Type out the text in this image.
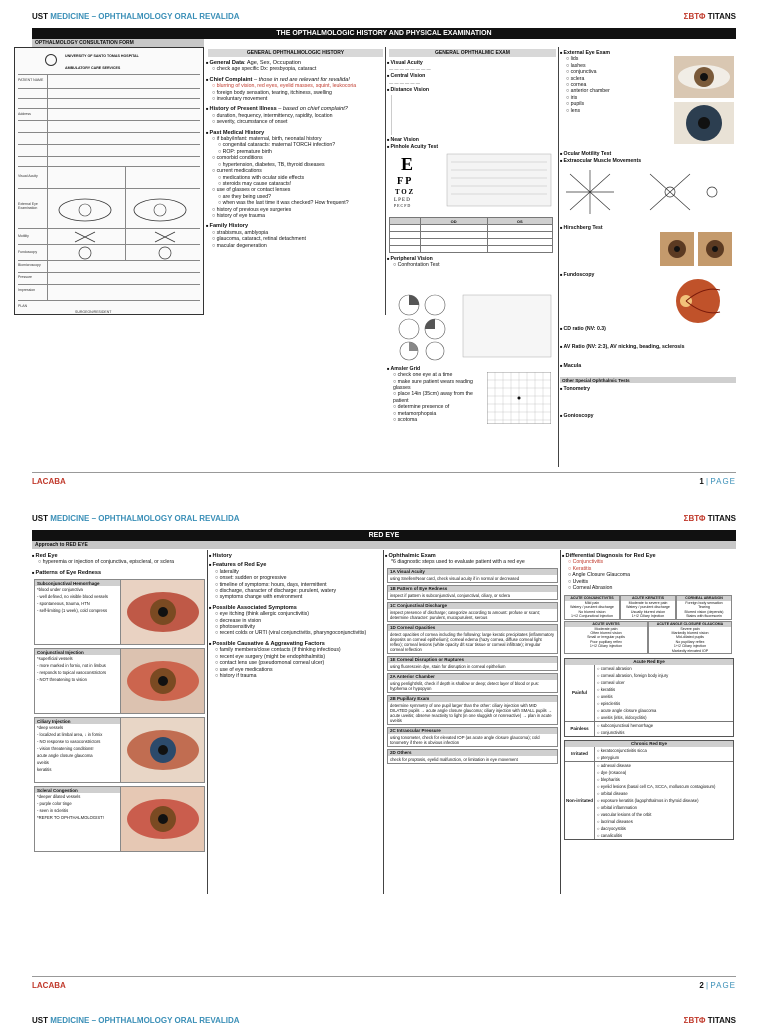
UST MEDICINE – OPHTHALMOLOGY ORAL REVALIDA	ΣΒΤΦ TITANS
THE OPTHALMOLOGIC HISTORY AND PHYSICAL EXAMINATION
OPTHALMOLOGY CONSULTATION FORM
UNIVERSITY OF SANTO TOMAS HOSPITAL
AMBULATORY CARE SERVICES
PATIENT NAME
Address
Visual Acuity
External Eye Examination
Motility
Funduscopy
Biomicroscopy
Pressure
Impression
PLAN
SURGEON/RESIDENT
GENERAL OPHTHALMOLOGIC HISTORY
■ General Data: Age, Sex, Occupation
○ check age specific Dx: presbyopia, cataract
■ Chief Complaint – those in red are relevant for revalida!
○ blurring of vision, red eyes, eyelid masses, squint, leukocoria
○ foreign body sensation, tearing, itchiness, swelling
○ involuntary movement
■ History of Present Illness – based on chief complaint?
○ duration, frequency, intermittency, rapidity, location
○ severity, circumstance of onset
■ Past Medical History
○ if baby/infant: maternal, birth, neonatal history
○ congenital cataracts: maternal TORCH infection?
○ ROP: premature birth
○ comorbid conditions
○ hypertension, diabetes, TB, thyroid diseases
○ current medications
○ medications with ocular side effects
○ steroids may cause cataracts!
○ use of glasses or contact lenses
○ are they being used?
○ when was the last time it was checked? How frequent?
○ history of previous eye surgeries
○ history of eye trauma
■ Family History
○ strabismus, amblyopia
○ glaucoma, cataract, retinal detachment
○ macular degeneration
GENERAL OPHTHALMIC EXAM
■ Visual Acuity
— — — — — — — —
■ Central Vision
— — — — — —
■ Distance Vision
■ Near Vision
■ Pinhole Acuity Test
E
F P
T O Z
L P E D
P E C F D
	OD	OS

■ Peripheral Vision
○ Confrontation Test
■ Amsler Grid
○ check one eye at a time
○ make sure patient wears reading glasses
○ place 14in (35cm) away from the patient
○ determine presence of
○ metamorphopsia
○ scotoma
■ External Eye Exam
○ lids
○ lashes
○ conjunctiva
○ sclera
○ cornea
○ anterior chamber
○ iris
○ pupils
○ lens
■ Ocular Motility Test
■ Extraocular Muscle Movements
■ Hirschberg Test
■ Fundoscopy
■ CD ratio (NV: 0.3)
■ AV Ratio (NV: 2:3), AV nicking, beading, sclerosis
■ Macula
Other Special Ophthalmic Tests
■ Tonometry
■ Gonioscopy
LACABA	1 | PAGE
UST MEDICINE – OPHTHALMOLOGY ORAL REVALIDA	ΣΒΤΦ TITANS
RED EYE
Approach to RED EYE
■ Red Eye
○ hyperemia or injection of conjunctiva, episcleral, or sclera
■ Patterns of Eye Redness
Subconjunctival Hemorrhage
*blood under conjunctiva
- well defined, no visible blood vessels
- spontaneous, trauma, HTN
- self-limiting (1 week), cold compress
Conjunctival Injection
*superficial vessels
- more marked in fornix, not in limbus
- responds to topical vasoconstrictors
- NOT threatening to vision
Ciliary Injection
*deep vessels
- localized at limbal area, ↓ in fornix
- NO response to vasoconstrictors
- vision threatening conditions!
acute angle closure glaucoma
uveitis
keratitis
Scleral Congestion
*deeper dilated vessels
- purple color tinge
- seen in scleritis
*REFER TO OPHTHALMOLOGIST!
■ History
■ Features of Red Eye
○ laterality
○ onset: sudden or progressive
○ timeline of symptoms: hours, days, intermittent
○ discharge, character of discharge: purulent, watery
○ symptoms change with environment
■ Possible Associated Symptoms
○ eye itching (think allergic conjunctivitis)
○ decrease in vision
○ photosensitivity
○ recent colds or URTI (viral conjunctivitis, pharyngoconjunctivitis)
■ Possible Causative & Aggravating Factors
○ family members/close contacts (if thinking infectious)
○ recent eye surgery (might be endophthalmitis)
○ contact lens use (pseudomonal corneal ulcer)
○ use of eye medications
○ history if trauma
■ Ophthalmic Exam
*6 diagnostic steps used to evaluate patient with a red eye
1A Visual Acuity
using Snellen/Near card, check visual acuity if in normal or decreased
1B Pattern of Eye Redness
inspect if pattern is subconjunctival, conjunctival, ciliary, or sclera
1C Conjunctival Discharge
inspect presence of discharge; categorize according to amount: profuse or scant; determine character: purulent, mucopurulent, serous
1D Corneal Opacities
detect opacities of cornea including the following: large keratic precipitates (inflammatory deposits on corneal epithelium); corneal edema (hazy cornea, diffuse corneal light reflex); corneal lesions (white opacity d/t scar tissue or corneal infiltrate); irregular corneal reflection
1E Corneal Disruption or Ruptures
using fluorescein dye, stain for disruption in corneal epithelium
2A Anterior Chamber
using penlight/slit, check if depth is shallow or deep; detect layer of blood or pus: hyphema or hypopyon
2B Pupillary Exam
determine symmetry of one pupil larger than the other: ciliary injection with MID DILATED pupils → acute angle closure glaucoma; ciliary injection with SMALL pupils → acute uveitis; observe reactivity to light (in one sluggish or nonreactive) → plan in acute uveitis
2C Intraocular Pressure
using tonometer, check for elevated IOP (as acute angle closure glaucoma); cold tonometry if there is obvious infection
2D Others
check for proptosis, eyelid malfunction, or limitation in eye movement
■ Differential Diagnosis for Red Eye
○ Conjunctivitis
○ Keratitis
○ Angle Closure Glaucoma
○ Uveitis
○ Corneal Abrasion
ACUTE CONJUNCTIVITIS
Mild pain
Watery / purulent discharge
No blurred vision
1+/2 Conjunctival Injection
ACUTE KERATITIS
Moderate to severe pain
Watery / purulent discharge
Usually blurred vision
1+/2 Ciliary Injection
CORNEAL ABRASION
Foreign body sensation
Tearing
Blurred vision (depends)
Stains with fluorescein
ACUTE UVEITIS
Moderate pain
Often blurred vision
Small or irregular pupils
Poor pupillary reflex
1+/2 Ciliary injection
ACUTE ANGLE CLOSURE GLAUCOMA
Severe pain
Markedly blurred vision
Mid-dilated pupils
No pupillary reflex
1+/2 Ciliary injection
Markedly elevated IOP
Acute Red Eye
Painful
○ corneal abrasion
○ corneal abrasion, foreign body injury
○ corneal ulcer
○ keratitis
○ uveitis
○ episcleritis
○ acute angle closure glaucoma
○ uveitis (iritis, iridocyclitis)
Painless
○ subconjunctival hemorrhage
○ conjunctivitis
Chronic Red Eye
Irritated
○ keratoconjunctivitis sicca
○ pterygium
Non-irritated
○ adnexal disease
○ dye (rosacea)
○ blepharitis
○ eyelid lesions (basal cell CA, SCCA, molluscum contagiosum)
○ orbital disease
○ exposure keratitis (lagophthalmos in thyroid disease)
○ orbital inflammation
○ vascular lesions of the orbit
○ lacrimal diseases
○ dacryocystitis
○ canaliculitis
LACABA	2 | PAGE
UST MEDICINE – OPHTHALMOLOGY ORAL REVALIDA	ΣΒΤΦ TITANS
